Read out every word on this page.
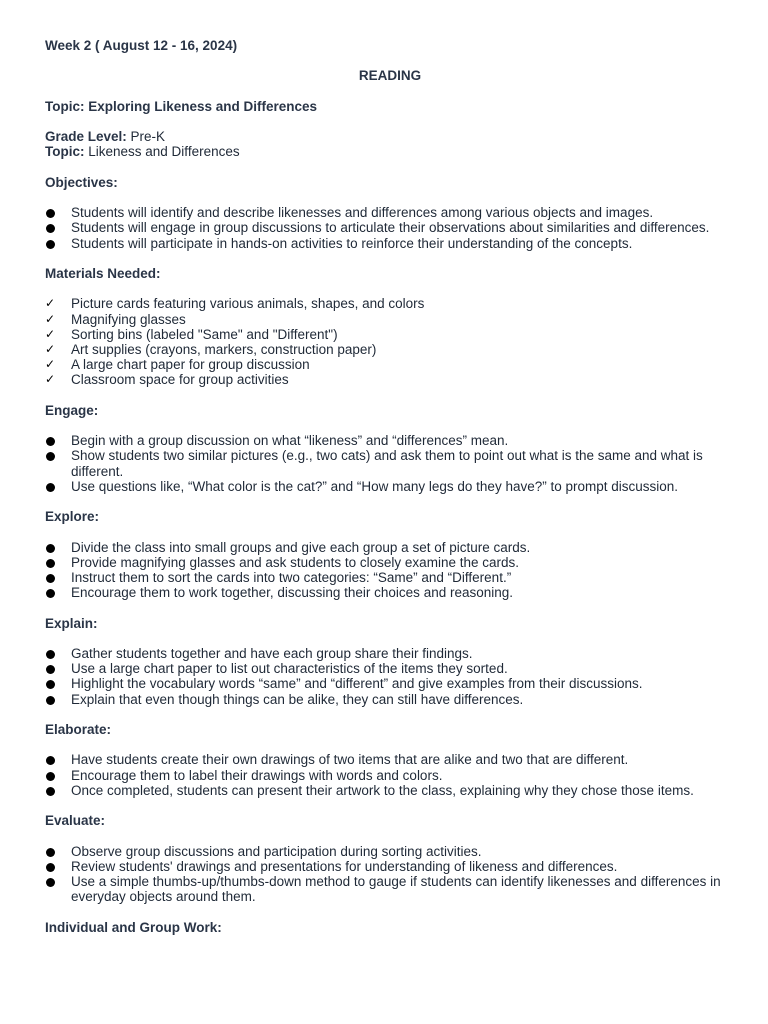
Week 2 ( August 12 - 16, 2024)
READING
Topic: Exploring Likeness and Differences
Grade Level: Pre-K
Topic: Likeness and Differences
Objectives:
Students will identify and describe likenesses and differences among various objects and images.
Students will engage in group discussions to articulate their observations about similarities and differences.
Students will participate in hands-on activities to reinforce their understanding of the concepts.
Materials Needed:
✓ Picture cards featuring various animals, shapes, and colors
✓ Magnifying glasses
✓ Sorting bins (labeled "Same" and "Different")
✓ Art supplies (crayons, markers, construction paper)
✓ A large chart paper for group discussion
✓ Classroom space for group activities
Engage:
Begin with a group discussion on what “likeness” and “differences” mean.
Show students two similar pictures (e.g., two cats) and ask them to point out what is the same and what is different.
Use questions like, “What color is the cat?” and “How many legs do they have?” to prompt discussion.
Explore:
Divide the class into small groups and give each group a set of picture cards.
Provide magnifying glasses and ask students to closely examine the cards.
Instruct them to sort the cards into two categories: “Same” and “Different.”
Encourage them to work together, discussing their choices and reasoning.
Explain:
Gather students together and have each group share their findings.
Use a large chart paper to list out characteristics of the items they sorted.
Highlight the vocabulary words “same” and “different” and give examples from their discussions.
Explain that even though things can be alike, they can still have differences.
Elaborate:
Have students create their own drawings of two items that are alike and two that are different.
Encourage them to label their drawings with words and colors.
Once completed, students can present their artwork to the class, explaining why they chose those items.
Evaluate:
Observe group discussions and participation during sorting activities.
Review students' drawings and presentations for understanding of likeness and differences.
Use a simple thumbs-up/thumbs-down method to gauge if students can identify likenesses and differences in everyday objects around them.
Individual and Group Work:
